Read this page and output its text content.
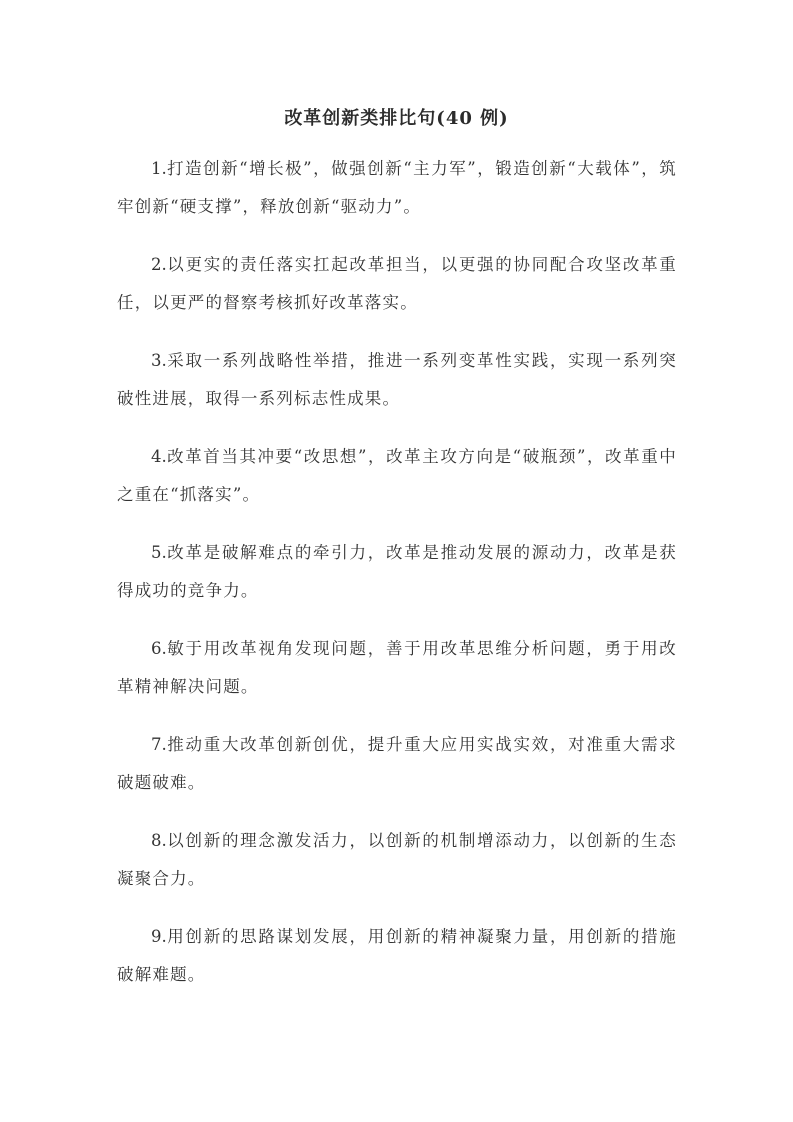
改革创新类排比句(40 例)

1.打造创新“增长极”，做强创新“主力军”，锻造创新“大载体”，筑牢创新“硬支撑”，释放创新“驱动力”。

2.以更实的责任落实扛起改革担当，以更强的协同配合攻坚改革重任，以更严的督察考核抓好改革落实。

3.采取一系列战略性举措，推进一系列变革性实践，实现一系列突破性进展，取得一系列标志性成果。

4.改革首当其冲要“改思想”，改革主攻方向是“破瓶颈”，改革重中之重在“抓落实”。

5.改革是破解难点的牵引力，改革是推动发展的源动力，改革是获得成功的竞争力。

6.敏于用改革视角发现问题，善于用改革思维分析问题，勇于用改革精神解决问题。

7.推动重大改革创新创优，提升重大应用实战实效，对准重大需求破题破难。

8.以创新的理念激发活力，以创新的机制增添动力，以创新的生态凝聚合力。

9.用创新的思路谋划发展，用创新的精神凝聚力量，用创新的措施破解难题。
